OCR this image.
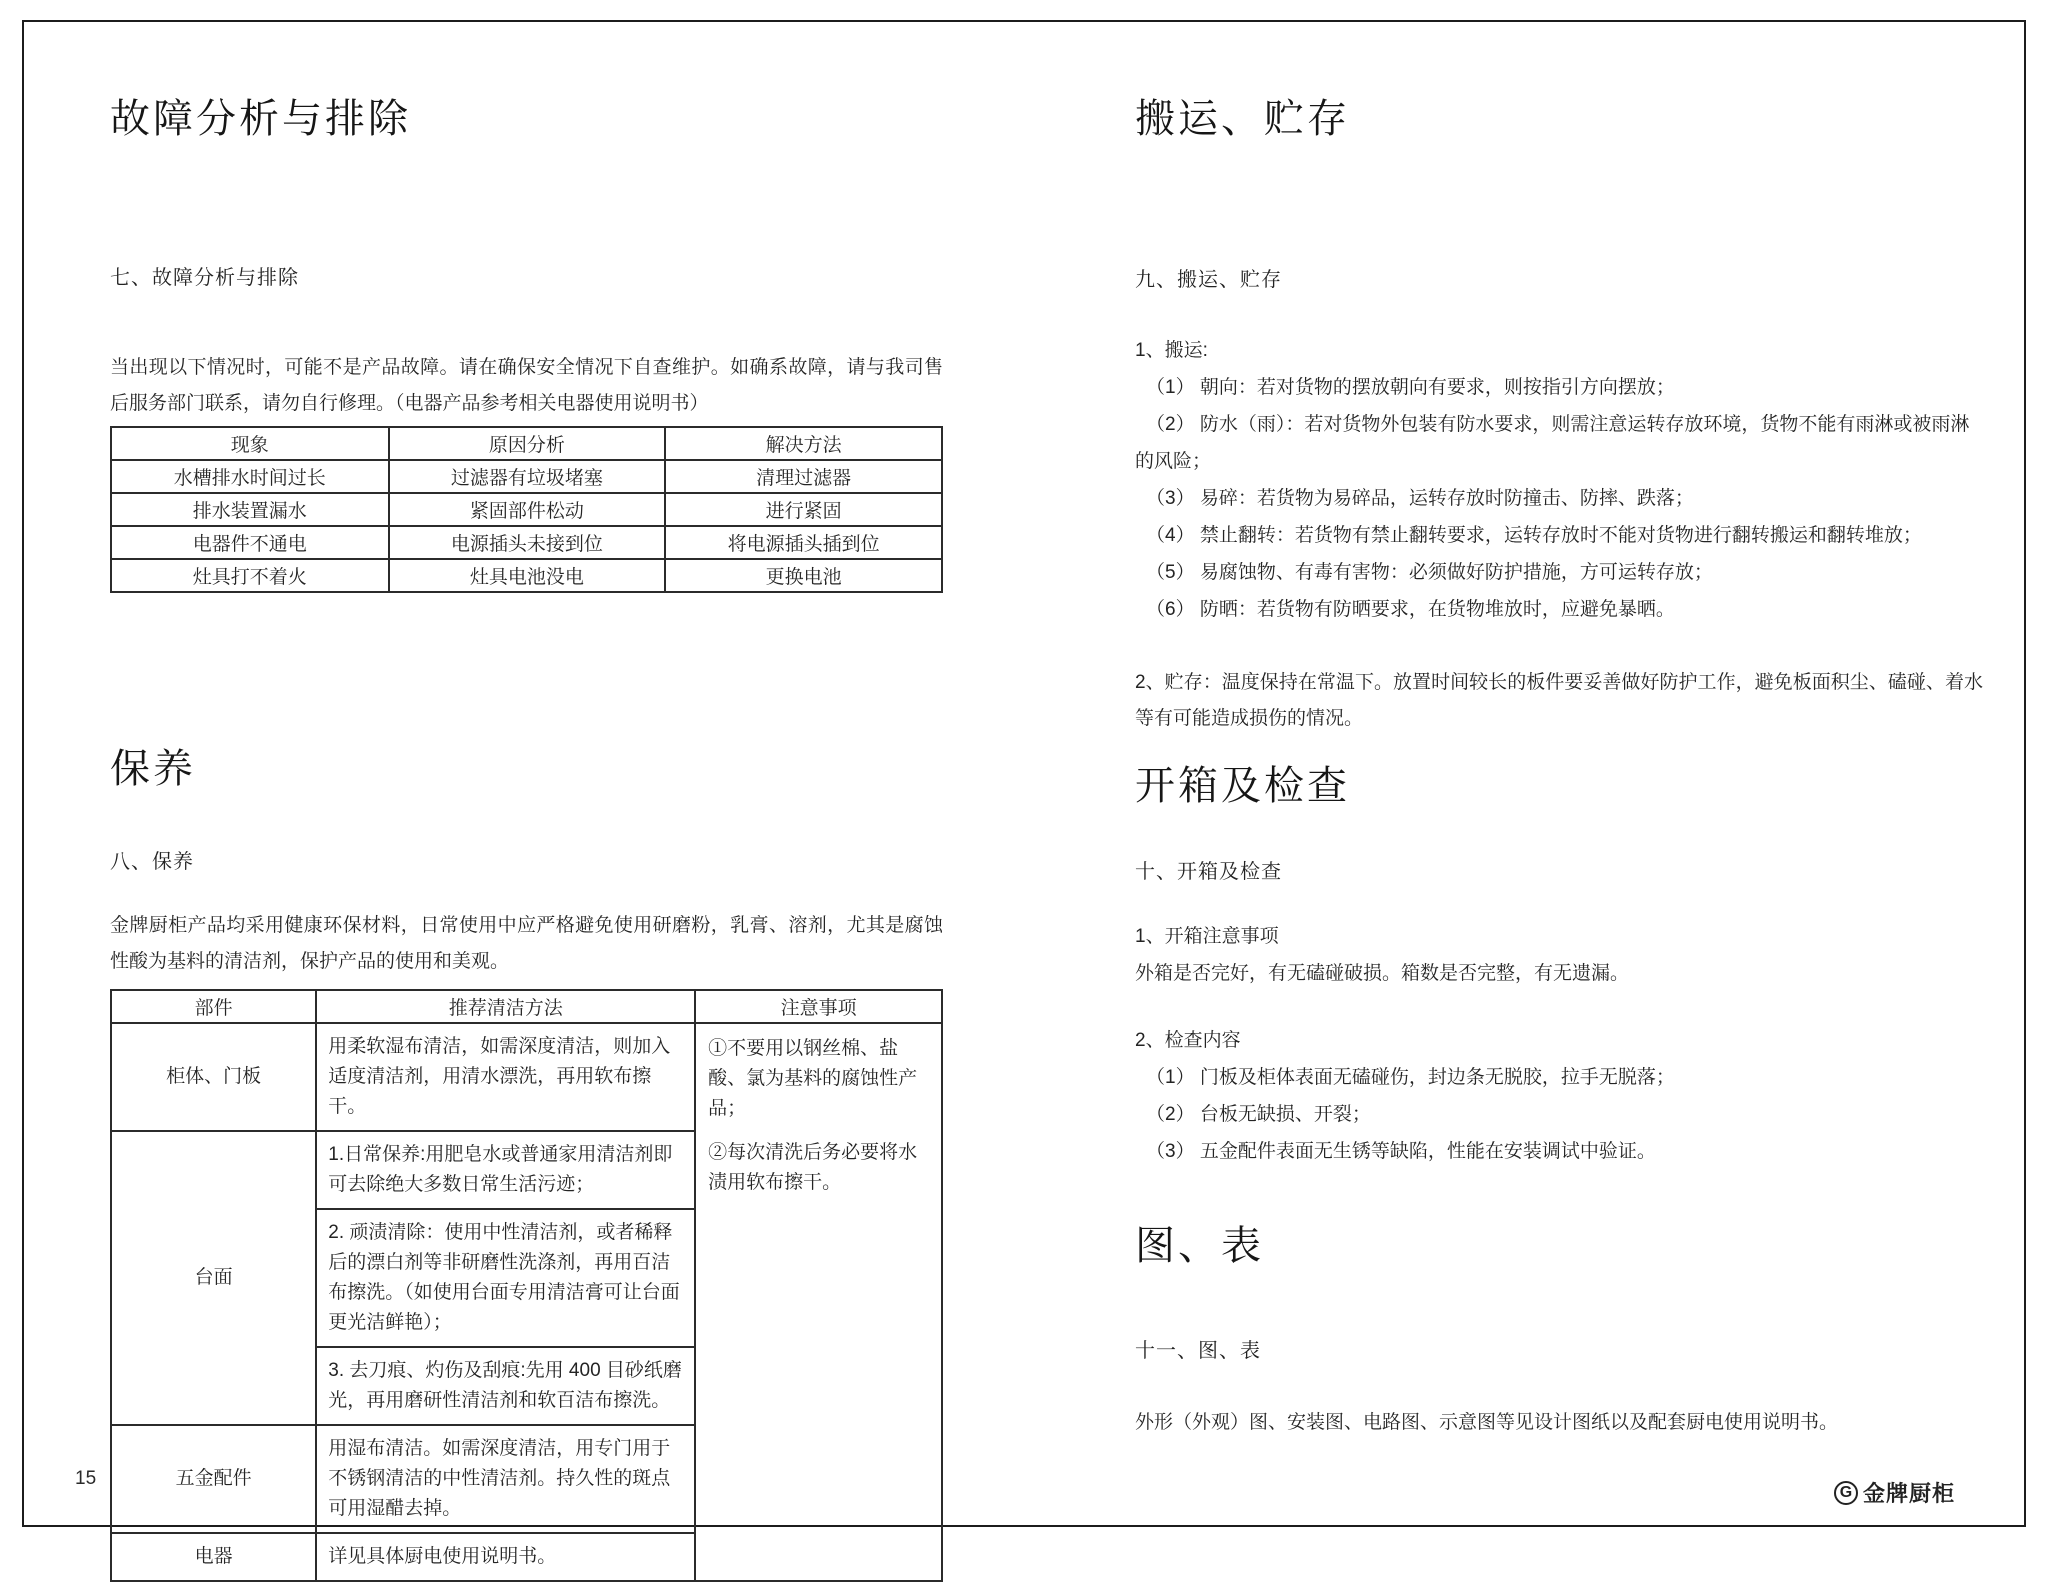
故障分析与排除
七、故障分析与排除

当出现以下情况时，可能不是产品故障。请在确保安全情况下自查维护。如确系故障，请与我司售后服务部门联系，请勿自行修理。（电器产品参考相关电器使用说明书）

现象	原因分析	解决方法
水槽排水时间过长	过滤器有垃圾堵塞	清理过滤器
排水装置漏水	紧固部件松动	进行紧固
电器件不通电	电源插头未接到位	将电源插头插到位
灶具打不着火	灶具电池没电	更换电池
保养
八、保养

金牌厨柜产品均采用健康环保材料，日常使用中应严格避免使用研磨粉，乳膏、溶剂，尤其是腐蚀性酸为基料的清洁剂，保护产品的使用和美观。

部件	推荐清洁方法	注意事项
柜体、门板	用柔软湿布清洁，如需深度清洁，则加入适度清洁剂，用清水漂洗，再用软布擦干。	①不要用以钢丝棉、盐酸、氯为基料的腐蚀性产品；

②每次清洗后务必要将水渍用软布擦干。

台面	1.日常保养:用肥皂水或普通家用清洁剂即可去除绝大多数日常生活污迹；	
	2. 顽渍清除：使用中性清洁剂，或者稀释后的漂白剂等非研磨性洗涤剂，再用百洁布擦洗。（如使用台面专用清洁膏可让台面更光洁鲜艳）；	
	3. 去刀痕、灼伤及刮痕:先用 400 目砂纸磨光，再用磨研性清洁剂和软百洁布擦洗。	
五金配件	用湿布清洁。如需深度清洁，用专门用于不锈钢清洁的中性清洁剂。持久性的斑点可用湿醋去掉。	
电器	详见具体厨电使用说明书。	
搬运、贮存
九、搬运、贮存

1、搬运:

（1） 朝向：若对货物的摆放朝向有要求，则按指引方向摆放；

（2） 防水（雨）：若对货物外包装有防水要求，则需注意运转存放环境，货物不能有雨淋或被雨淋的风险；

（3） 易碎：若货物为易碎品，运转存放时防撞击、防摔、跌落；

（4） 禁止翻转：若货物有禁止翻转要求，运转存放时不能对货物进行翻转搬运和翻转堆放；

（5） 易腐蚀物、有毒有害物：必须做好防护措施，方可运转存放；

（6） 防晒：若货物有防晒要求，在货物堆放时，应避免暴晒。

2、贮存：温度保持在常温下。放置时间较长的板件要妥善做好防护工作，避免板面积尘、磕碰、着水等有可能造成损伤的情况。

开箱及检查
十、开箱及检查

1、开箱注意事项

外箱是否完好，有无磕碰破损。箱数是否完整，有无遗漏。

2、检查内容

（1） 门板及柜体表面无磕碰伤，封边条无脱胶，拉手无脱落；

（2） 台板无缺损、开裂；

（3） 五金配件表面无生锈等缺陷，性能在安装调试中验证。

图、表
十一、图、表

外形（外观）图、安装图、电路图、示意图等见设计图纸以及配套厨电使用说明书。

15
G 金牌厨柜
